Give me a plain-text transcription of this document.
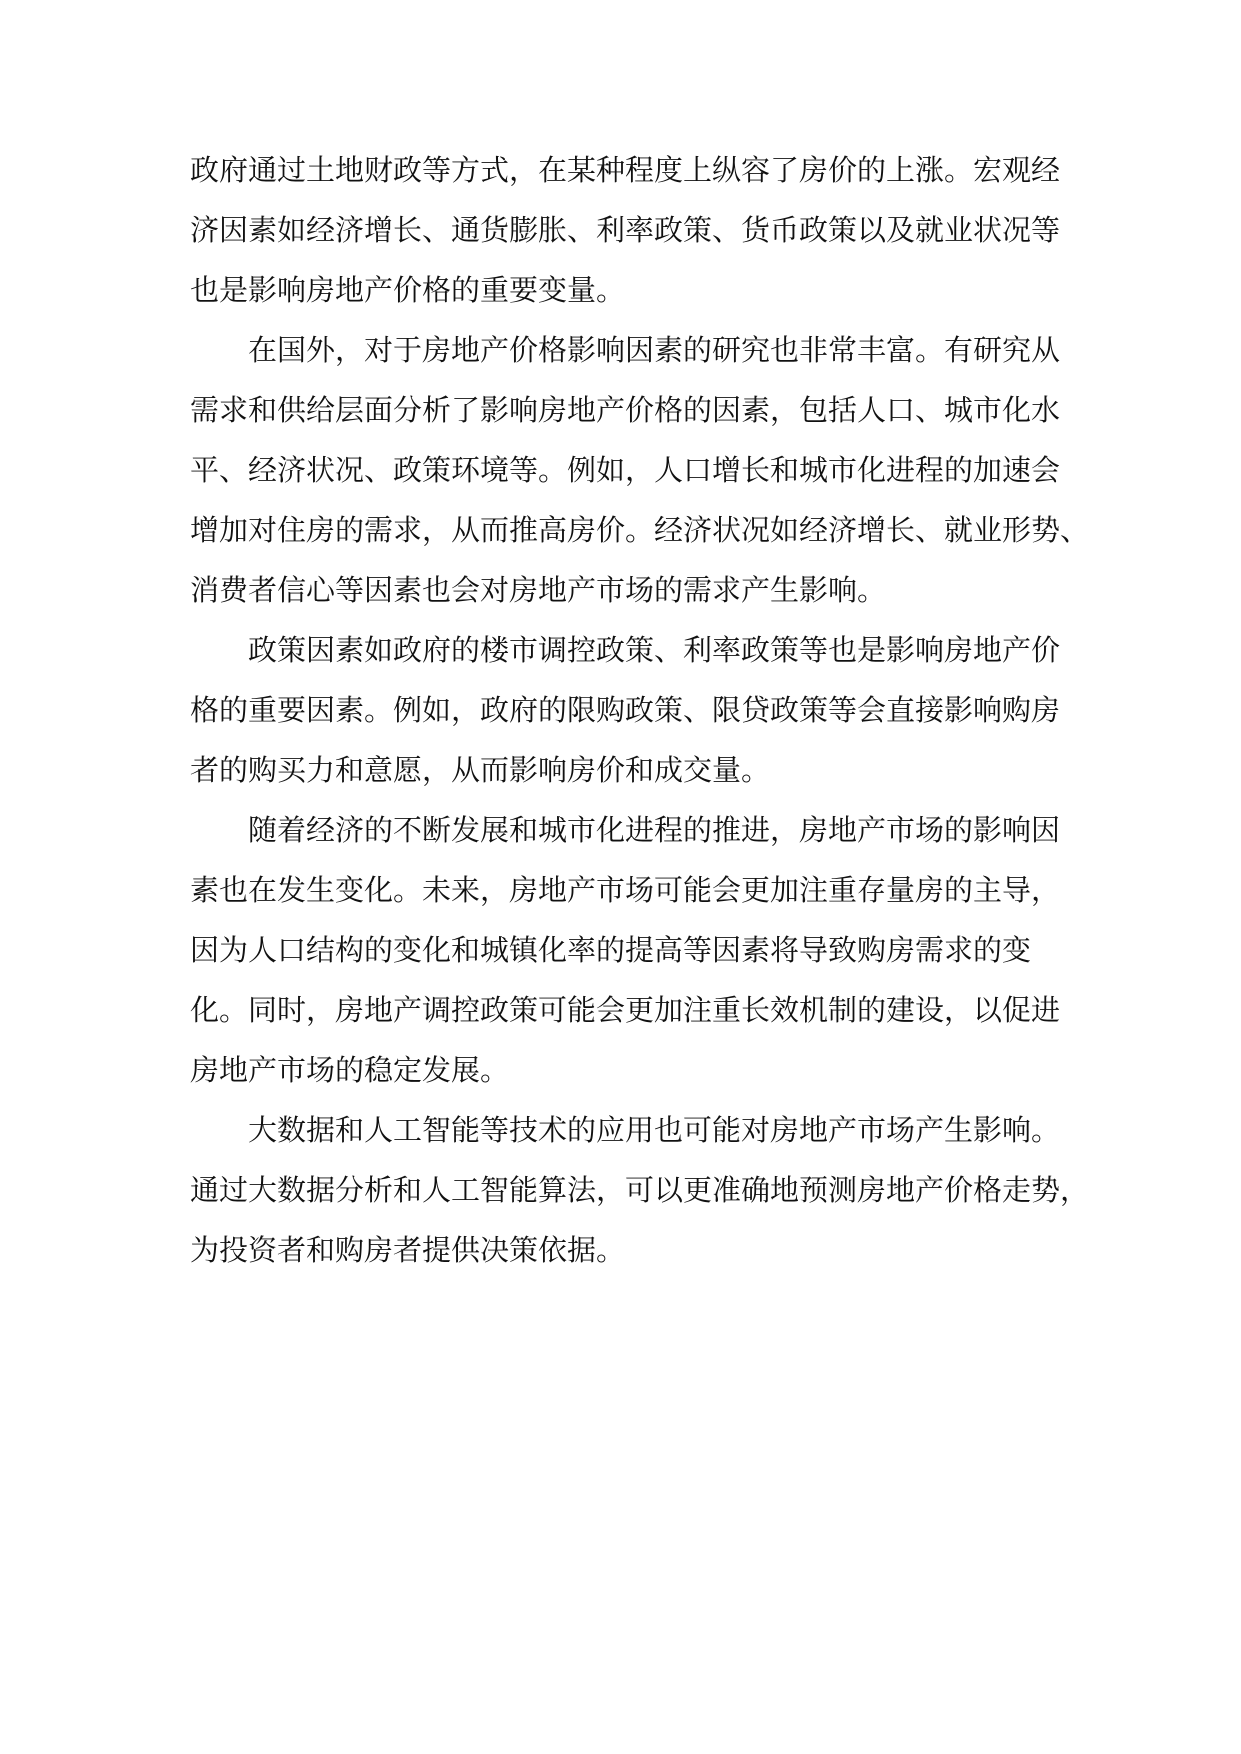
政府通过土地财政等方式，在某种程度上纵容了房价的上涨。宏观经
济因素如经济增长、通货膨胀、利率政策、货币政策以及就业状况等
也是影响房地产价格的重要变量。
在国外，对于房地产价格影响因素的研究也非常丰富。有研究从
需求和供给层面分析了影响房地产价格的因素，包括人口、城市化水
平、经济状况、政策环境等。例如，人口增长和城市化进程的加速会
增加对住房的需求，从而推高房价。经济状况如经济增长、就业形势、
消费者信心等因素也会对房地产市场的需求产生影响。
政策因素如政府的楼市调控政策、利率政策等也是影响房地产价
格的重要因素。例如，政府的限购政策、限贷政策等会直接影响购房
者的购买力和意愿，从而影响房价和成交量。
随着经济的不断发展和城市化进程的推进，房地产市场的影响因
素也在发生变化。未来，房地产市场可能会更加注重存量房的主导，
因为人口结构的变化和城镇化率的提高等因素将导致购房需求的变
化。同时，房地产调控政策可能会更加注重长效机制的建设，以促进
房地产市场的稳定发展。
大数据和人工智能等技术的应用也可能对房地产市场产生影响。
通过大数据分析和人工智能算法，可以更准确地预测房地产价格走势，
为投资者和购房者提供决策依据。
